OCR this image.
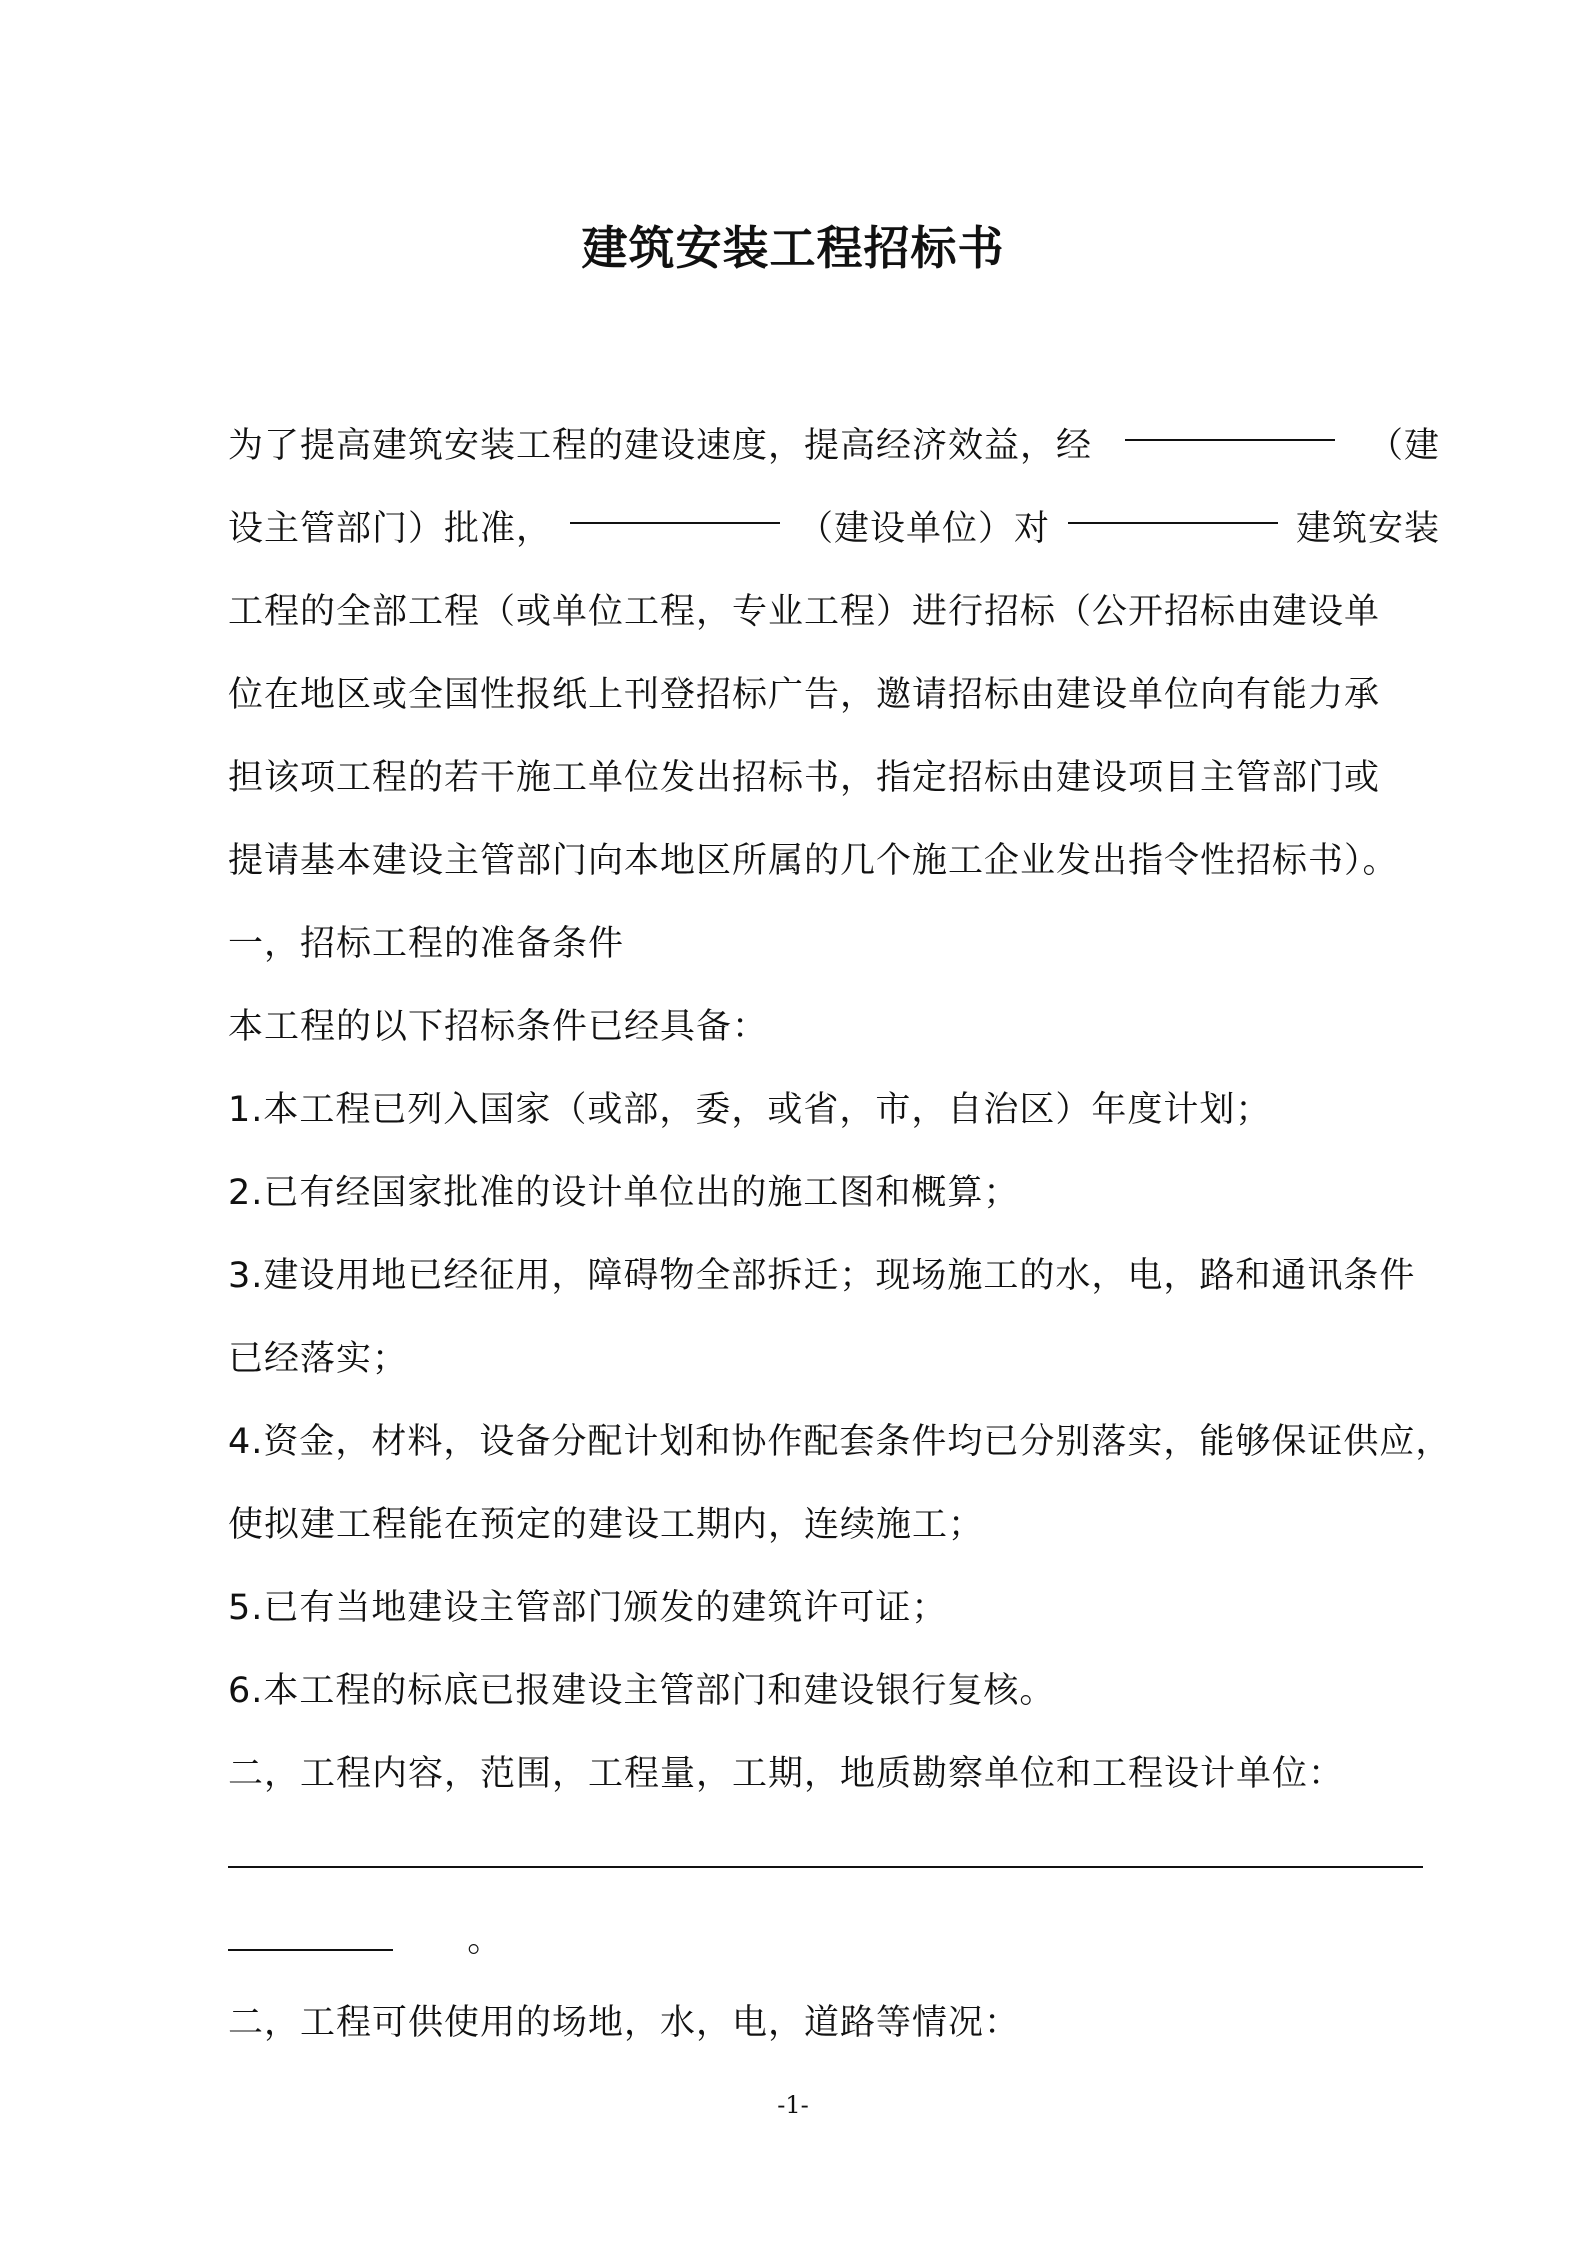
建筑安装工程招标书
为了提高建筑安装工程的建设速度，提高经济效益，经	（建
设主管部门）批准，	（建设单位）对	建筑安装
工程的全部工程（或单位工程，专业工程）进行招标（公开招标由建设单
位在地区或全国性报纸上刊登招标广告，邀请招标由建设单位向有能力承
担该项工程的若干施工单位发出招标书，指定招标由建设项目主管部门或
提请基本建设主管部门向本地区所属的几个施工企业发出指令性招标书）。
一，招标工程的准备条件
本工程的以下招标条件已经具备：
1.本工程已列入国家（或部，委，或省，市，自治区）年度计划；
2.已有经国家批准的设计单位出的施工图和概算；
3.建设用地已经征用，障碍物全部拆迁；现场施工的水，电，路和通讯条件
已经落实；
4.资金，材料，设备分配计划和协作配套条件均已分别落实，能够保证供应，
使拟建工程能在预定的建设工期内，连续施工；
5.已有当地建设主管部门颁发的建筑许可证；
6.本工程的标底已报建设主管部门和建设银行复核。
二，工程内容，范围，工程量，工期，地质勘察单位和工程设计单位：
。
二，工程可供使用的场地，水，电，道路等情况：
-1-
